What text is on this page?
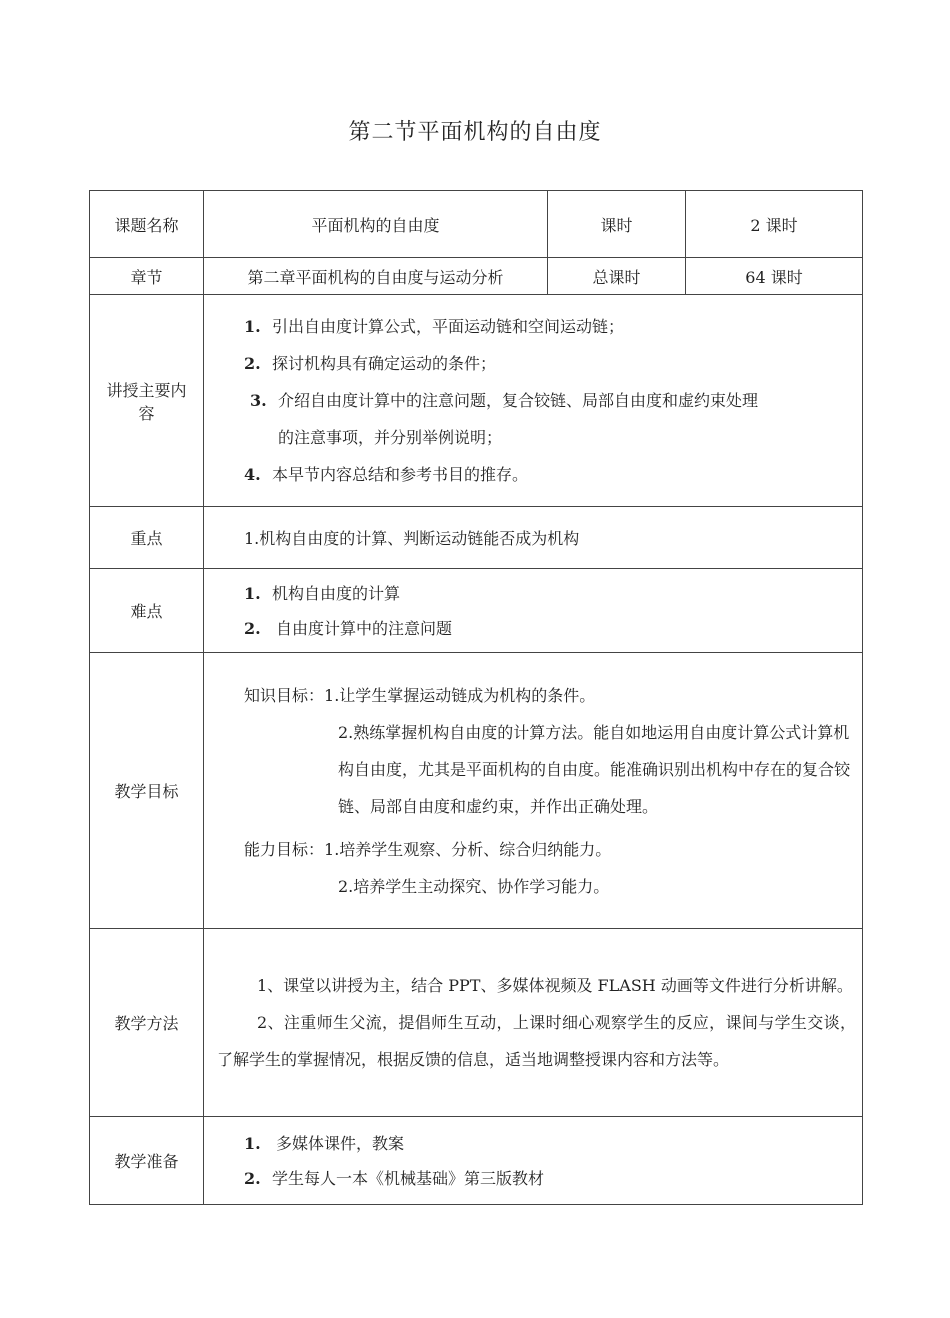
第二节平面机构的自由度
课题名称	平面机构的自由度	课时	2 课时
章节	第二章平面机构的自由度与运动分析	总课时	64 课时
讲授主要内容	1. 引出自由度计算公式，平面运动链和空间运动链；
2. 探讨机构具有确定运动的条件；
3. 介绍自由度计算中的注意问题，复合铰链、局部自由度和虚约束处理
的注意事项，并分别举例说明；
4. 本早节内容总结和参考书目的推存。		

重点	1.机构自由度的计算、判断运动链能否成为机构		
难点	1. 机构自由度的计算
2. 自由度计算中的注意问题		

教学目标	知识目标：1.让学生掌握运动链成为机构的条件。
2.熟练掌握机构自由度的计算方法。能自如地运用自由度计算公式计算机构自由度，尤其是平面机构的自由度。能准确识别出机构中存在的复合铰链、局部自由度和虚约束，并作出正确处理。
能力目标：1.培养学生观察、分析、综合归纳能力。
2.培养学生主动探究、协作学习能力。		

教学方法	1、课堂以讲授为主，结合 PPT、多媒体视频及 FLASH 动画等文件进行分析讲解。

2、注重师生父流，提倡师生互动，上课时细心观察学生的反应，课间与学生交谈，了解学生的掌握情况，根据反馈的信息，适当地调整授课内容和方法等。		

教学准备	1. 多媒体课件，教案
2. 学生每人一本《机械基础》第三版教材		
